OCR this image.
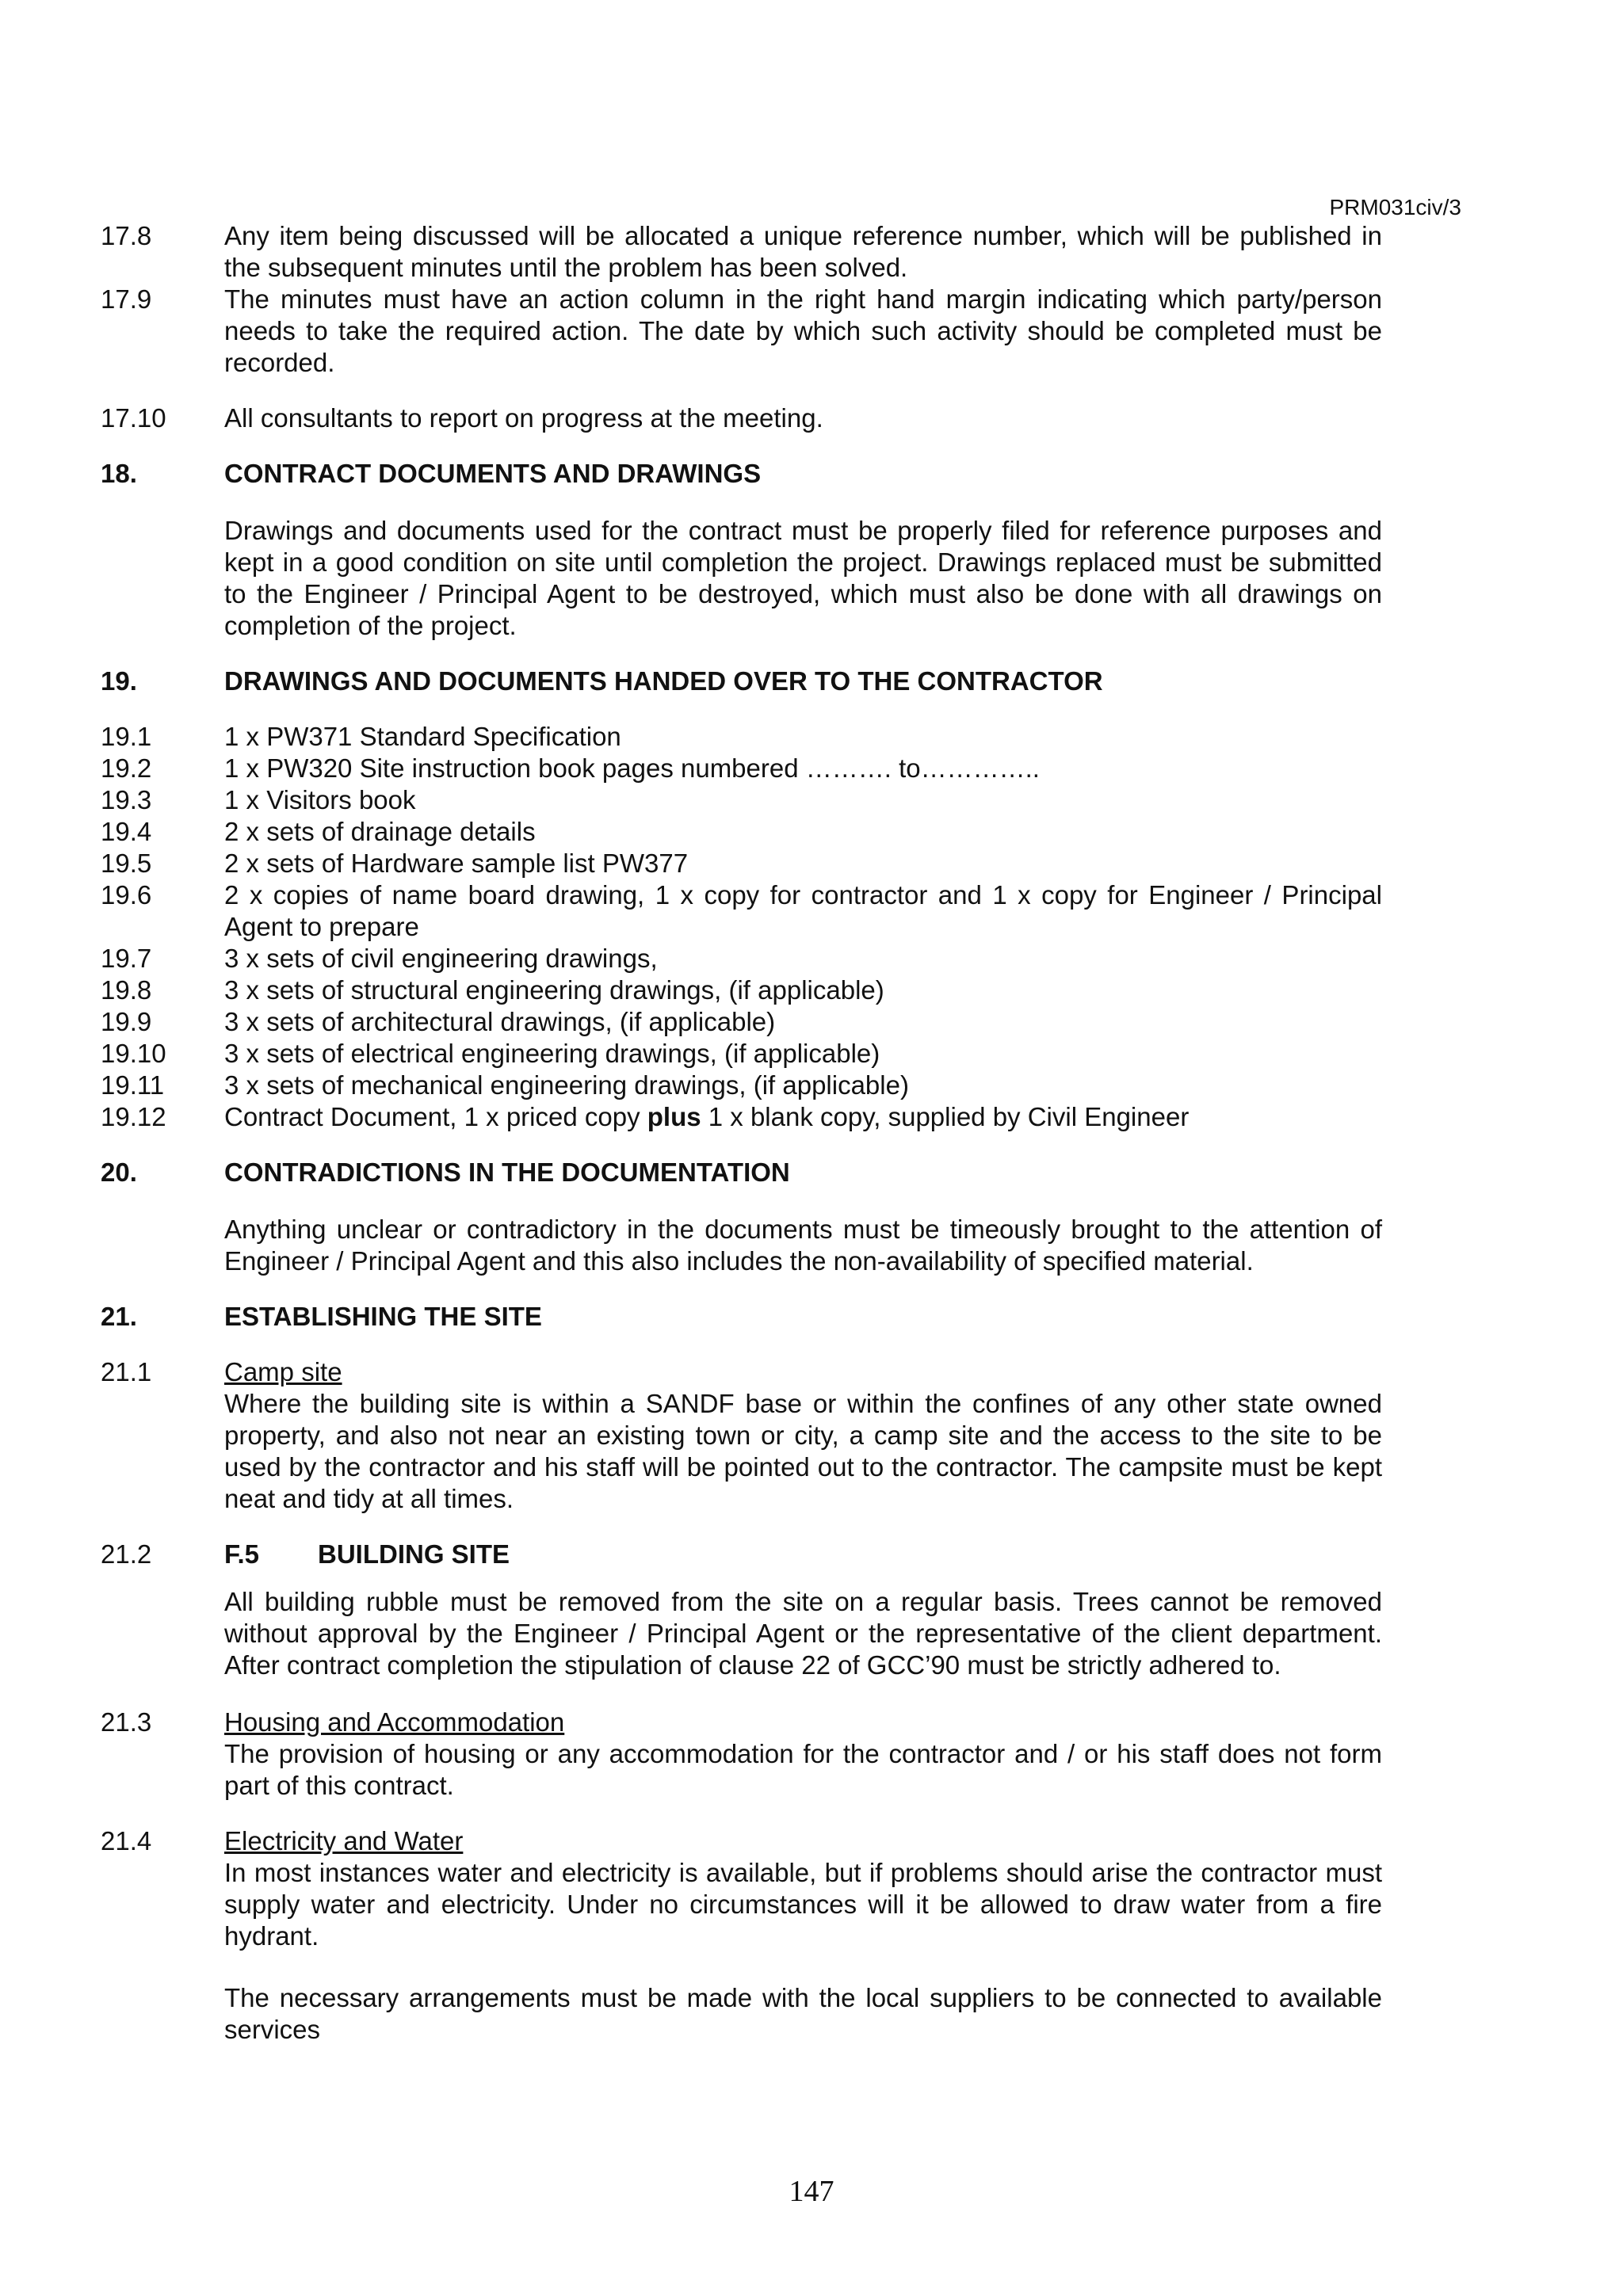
PRM031civ/3
17.8	Any item being discussed will be allocated a unique reference number, which will be published in the subsequent minutes until the problem has been solved.
17.9	The minutes must have an action column in the right hand margin indicating which party/person needs to take the required action. The date by which such activity should be completed must be recorded.
17.10	All consultants to report on progress at the meeting.
18.	CONTRACT DOCUMENTS AND DRAWINGS
Drawings and documents used for the contract must be properly filed for reference purposes and kept in a good condition on site until completion the project. Drawings replaced must be submitted to the Engineer / Principal Agent to be destroyed, which must also be done with all drawings on completion of the project.
19.	DRAWINGS AND DOCUMENTS HANDED OVER TO THE CONTRACTOR
19.1	1 x PW371 Standard Specification
19.2	1 x PW320 Site instruction book pages numbered ………. to…………..
19.3	1 x Visitors book
19.4	2 x sets of drainage details
19.5	2 x sets of Hardware sample list PW377
19.6	2 x copies of name board drawing, 1 x copy for contractor and 1 x copy for Engineer / Principal Agent to prepare
19.7	3 x sets of civil engineering drawings,
19.8	3 x sets of structural engineering drawings, (if applicable)
19.9	3 x sets of architectural drawings, (if applicable)
19.10	3 x sets of electrical engineering drawings, (if applicable)
19.11	3 x sets of mechanical engineering drawings, (if applicable)
19.12	Contract Document, 1 x priced copy plus 1 x blank copy, supplied by Civil Engineer
20.	CONTRADICTIONS IN THE DOCUMENTATION
Anything unclear or contradictory in the documents must be timeously brought to the attention of Engineer / Principal Agent and this also includes the non-availability of specified material.
21.	ESTABLISHING THE SITE
21.1	Camp site
Where the building site is within a SANDF base or within the confines of any other state owned property, and also not near an existing town or city, a camp site and the access to the site to be used by the contractor and his staff will be pointed out to the contractor. The campsite must be kept neat and tidy at all times.
21.2	F.5	BUILDING SITE
All building rubble must be removed from the site on a regular basis. Trees cannot be removed without approval by the Engineer / Principal Agent or the representative of the client department. After contract completion the stipulation of clause 22 of GCC’90 must be strictly adhered to.
21.3	Housing and Accommodation
The provision of housing or any accommodation for the contractor and / or his staff does not form part of this contract.
21.4	Electricity and Water
In most instances water and electricity is available, but if problems should arise the contractor must supply water and electricity. Under no circumstances will it be allowed to draw water from a fire hydrant.
The necessary arrangements must be made with the local suppliers to be connected to available services
147
